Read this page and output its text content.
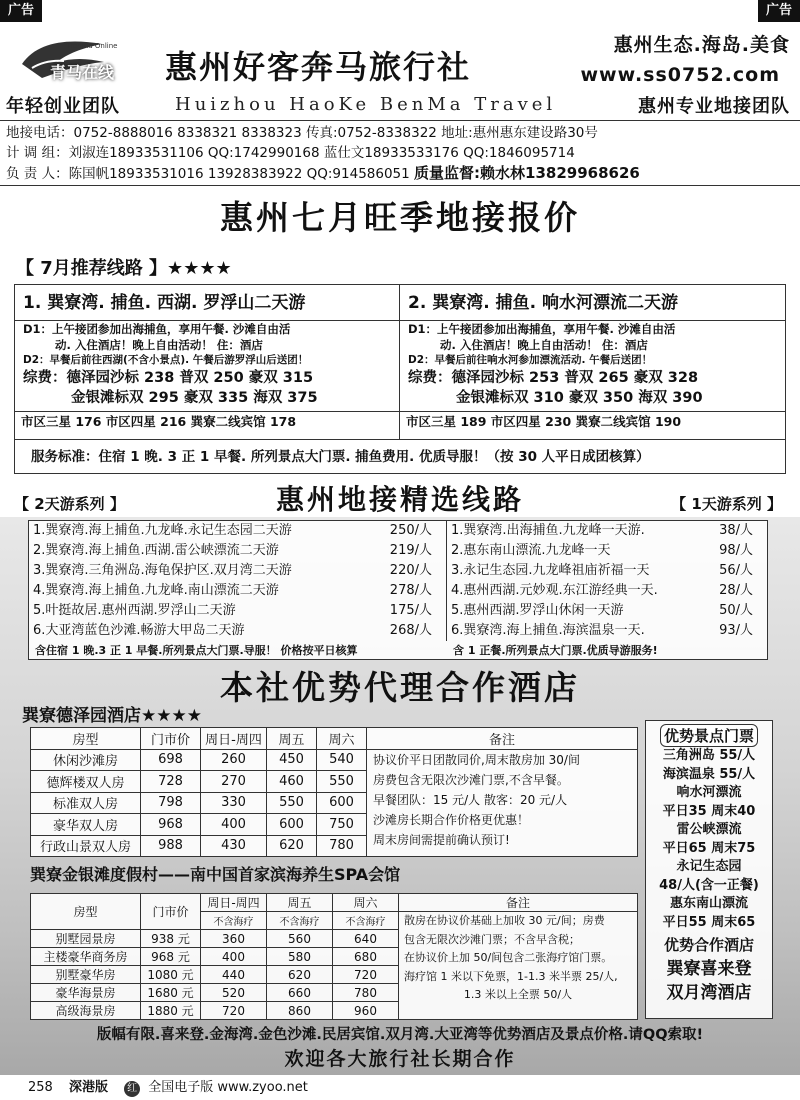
广告	广告
青马在线
Benma Online
年轻创业团队
惠州好客奔马旅行社
Huizhou HaoKe BenMa Travel
惠州生态.海岛.美食
www.ss0752.com
惠州专业地接团队
地接电话：0752-8888016 8338321 8338323 传真:0752-8338322 地址:惠州惠东建设路30号
计 调 组：刘淑连18933531106 QQ:1742990168 蓝仕文18933533176 QQ:1846095714
负 责 人：陈国帆18933531016 13928383922 QQ:914586051 质量监督:赖水林13829968626
惠州七月旺季地接报价
【 7月推荐线路 】★★★★
1. 巽寮湾. 捕鱼. 西湖. 罗浮山二天游
D1：上午接团参加出海捕鱼，享用午餐. 沙滩自由活
动. 入住酒店！晚上自由活动！ 住：酒店
D2：早餐后前往西湖(不含小景点). 午餐后游罗浮山后送团！
综费：德泽园沙标 238 普双 250 豪双 315
金银滩标双 295 豪双 335 海双 375
市区三星 176 市区四星 216 巽寮二线宾馆 178
2. 巽寮湾. 捕鱼. 响水河漂流二天游
D1：上午接团参加出海捕鱼，享用午餐. 沙滩自由活
动. 入住酒店！晚上自由活动！ 住：酒店
D2：早餐后前往响水河参加漂流活动. 午餐后送团！
综费：德泽园沙标 253 普双 265 豪双 328
金银滩标双 310 豪双 350 海双 390
市区三星 189 市区四星 230 巽寮二线宾馆 190
服务标准：住宿 1 晚. 3 正 1 早餐. 所列景点大门票. 捕鱼费用. 优质导服！（按 30 人平日成团核算）
惠州地接精选线路
【 2天游系列 】	【 1天游系列 】
1.巽寮湾.海上捕鱼.九龙峰.永记生态园二天游	250/人
2.巽寮湾.海上捕鱼.西湖.雷公峡漂流二天游	219/人
3.巽寮湾.三角洲岛.海龟保护区.双月湾二天游	220/人
4.巽寮湾.海上捕鱼.九龙峰.南山漂流二天游	278/人
5.叶挺故居.惠州西湖.罗浮山二天游	175/人
6.大亚湾蓝色沙滩.畅游大甲岛二天游	268/人
1.巽寮湾.出海捕鱼.九龙峰一天游.	38/人
2.惠东南山漂流.九龙峰一天	98/人
3.永记生态园.九龙峰祖庙祈福一天	56/人
4.惠州西湖.元妙观.东江游经典一天.	28/人
5.惠州西湖.罗浮山休闲一天游	50/人
6.巽寮湾.海上捕鱼.海滨温泉一天.	93/人
含住宿 1 晚.3 正 1 早餐.所列景点大门票.导服！ 价格按平日核算	含 1 正餐.所列景点大门票.优质导游服务!
本社优势代理合作酒店
巽寮德泽园酒店★★★★
房型	门市价	周日-周四	周五	周六	备注
休闲沙滩房	698	260	450	540	协议价平日团散同价,周末散房加 30/间
房费包含无限次沙滩门票,不含早餐。
早餐团队：15 元/人 散客：20 元/人
沙滩房长期合作价格更优惠！
周末房间需提前确认预订!

德辉楼双人房	728	270	460	550	
标准双人房	798	330	550	600	
豪华双人房	968	400	600	750	
行政山景双人房	988	430	620	780	
巽寮金银滩度假村——南中国首家滨海养生SPA会馆
房型	门市价	周日-周四	周五	周六	备注
		不含海疗	不含海疗	不含海疗	散房在协议价基础上加收 30 元/间；房费
包含无限次沙滩门票；不含早含税；
在协议价上加 50/间包含二张海疗馆门票。
海疗馆 1 米以下免票，1-1.3 米半票 25/人,
1.3 米以上全票 50/人

别墅园景房	938 元	360	560	640	
主楼豪华商务房	968 元	400	580	680	
别墅豪华房	1080 元	440	620	720	
豪华海景房	1680 元	520	660	780	
高级海景房	1880 元	720	860	960	
优势景点门票
三角洲岛 55/人
海滨温泉 55/人
响水河漂流
平日35 周末40
雷公峡漂流
平日65 周末75
永记生态园
48/人(含一正餐)
惠东南山漂流
平日55 周末65
优势合作酒店
巽寮喜来登
双月湾酒店
版幅有限.喜来登.金海湾.金色沙滩.民居宾馆.双月湾.大亚湾等优势酒店及景点价格.请QQ索取!
欢迎各大旅行社长期合作
258 深港版 红 全国电子版 www.zyoo.net
